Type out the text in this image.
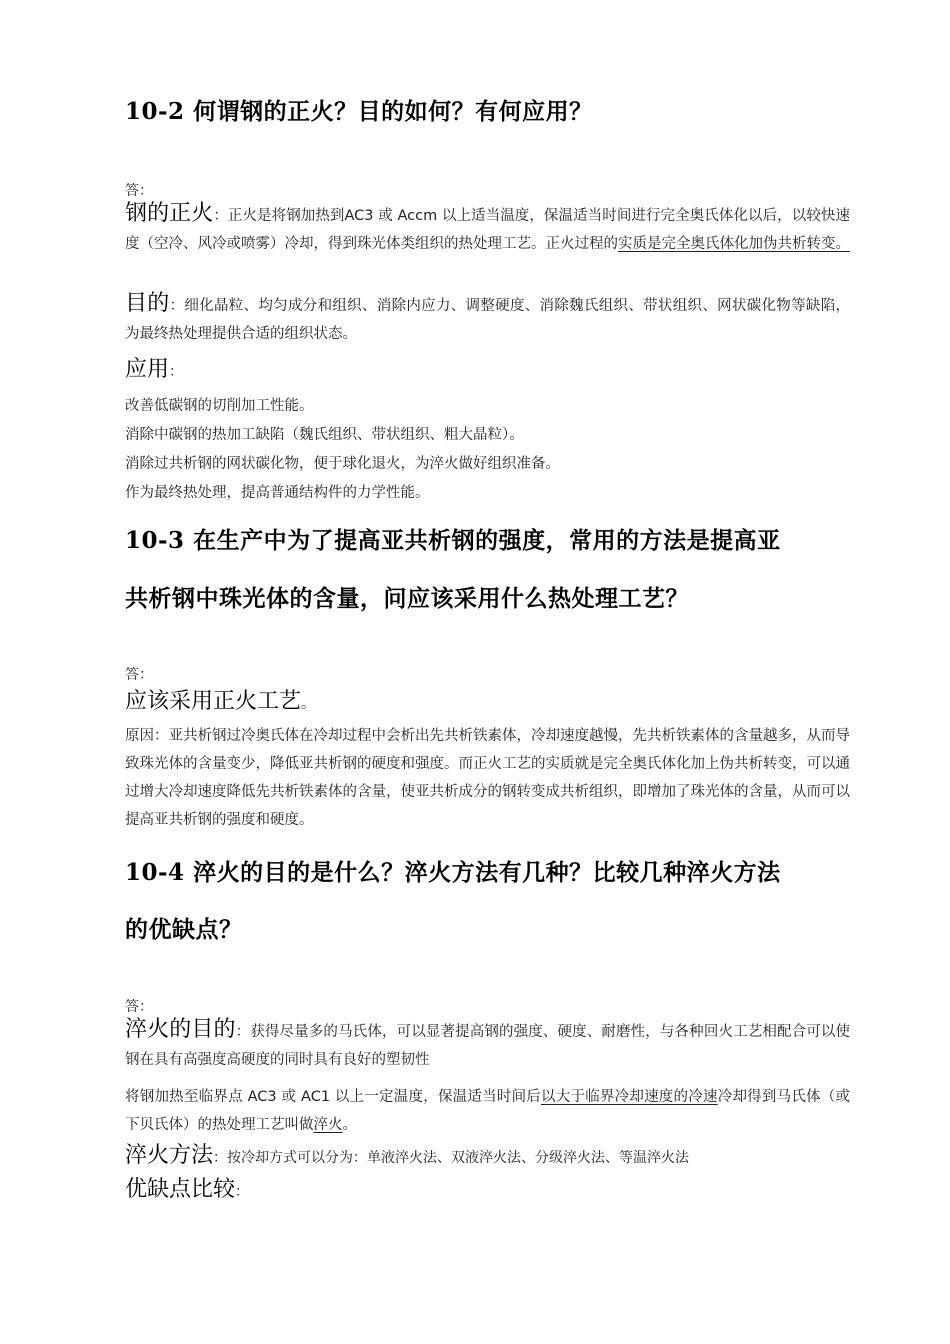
10-2 何谓钢的正火？目的如何？有何应用？
答：
钢的正火：正火是将钢加热到AC3 或 Accm 以上适当温度，保温适当时间进行完全奥氏体化以后，以较快速度（空冷、风冷或喷雾）冷却，得到珠光体类组织的热处理工艺。正火过程的实质是完全奥氏体化加伪共析转变。
目的：细化晶粒、均匀成分和组织、消除内应力、调整硬度、消除魏氏组织、带状组织、网状碳化物等缺陷，为最终热处理提供合适的组织状态。
应用 ：
改善低碳钢的切削加工性能。
消除中碳钢的热加工缺陷（魏氏组织、带状组织、粗大晶粒）。
消除过共析钢的网状碳化物，便于球化退火，为淬火做好组织准备。
作为最终热处理，提高普通结构件的力学性能。
10-3 在生产中为了提高亚共析钢的强度，常用的方法是提高亚
共析钢中珠光体的含量，问应该采用什么热处理工艺？
答：
应该采用正火工艺 。
原因：亚共析钢过冷奥氏体在冷却过程中会析出先共析铁素体，冷却速度越慢，先共析铁素体的含量越多，从而导致珠光体的含量变少，降低亚共析钢的硬度和强度。而正火工艺的实质就是完全奥氏体化加上伪共析转变，可以通过增大冷却速度降低先共析铁素体的含量，使亚共析成分的钢转变成共析组织，即增加了珠光体的含量，从而可以提高亚共析钢的强度和硬度。
10-4 淬火的目的是什么？淬火方法有几种？比较几种淬火方法
的优缺点？
答：
淬火的目的：获得尽量多的马氏体，可以显著提高钢的强度、硬度、耐磨性，与各种回火工艺相配合可以使钢在具有高强度高硬度的同时具有良好的塑韧性
将钢加热至临界点 AC3 或 AC1 以上一定温度，保温适当时间后以大于临界冷却速度的冷速冷却得到马氏体（或下贝氏体）的热处理工艺叫做淬火。
淬火方法 ：按冷却方式可以分为：单液淬火法、双液淬火法、分级淬火法、等温淬火法
优缺点比较 ：
